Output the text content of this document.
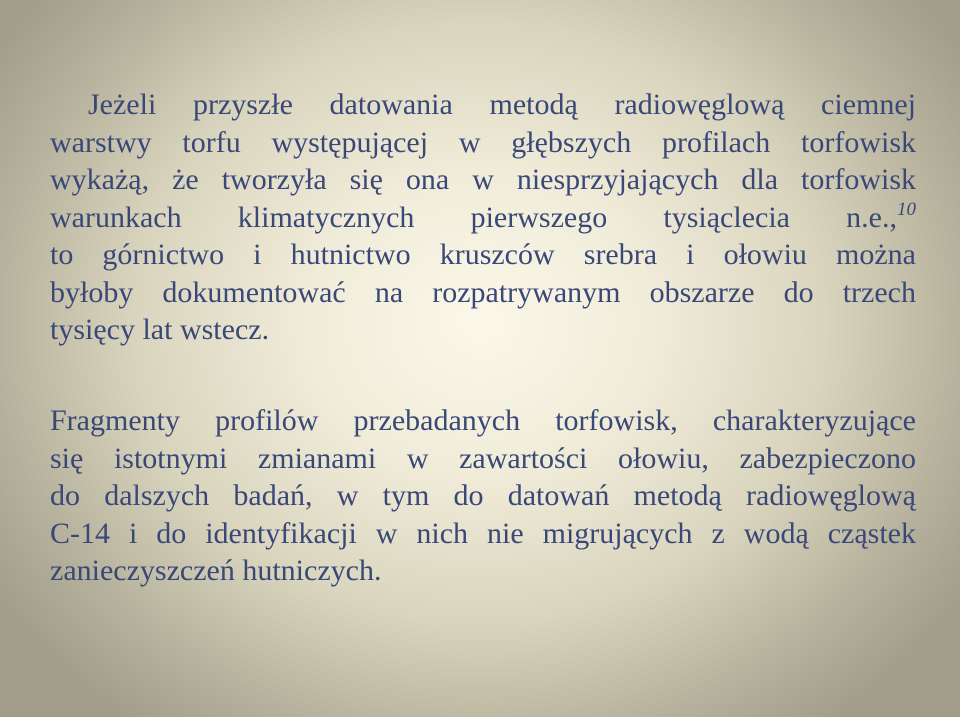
Jeżeli przyszłe datowania metodą radiowęglową ciemnej
warstwy torfu występującej w głębszych profilach torfowisk
wykażą, że tworzyła się ona w niesprzyjających dla torfowisk
warunkach klimatycznych pierwszego tysiąclecia n.e.,$^{10}$
to górnictwo i hutnictwo kruszców srebra i ołowiu można
byłoby dokumentować na rozpatrywanym obszarze do trzech
tysięcy lat wstecz.
Fragmenty profilów przebadanych torfowisk, charakteryzujące
się istotnymi zmianami w zawartości ołowiu, zabezpieczono
do dalszych badań, w tym do datowań metodą radiowęglową
C-14 i do identyfikacji w nich nie migrujących z wodą cząstek
zanieczyszczeń hutniczych.
